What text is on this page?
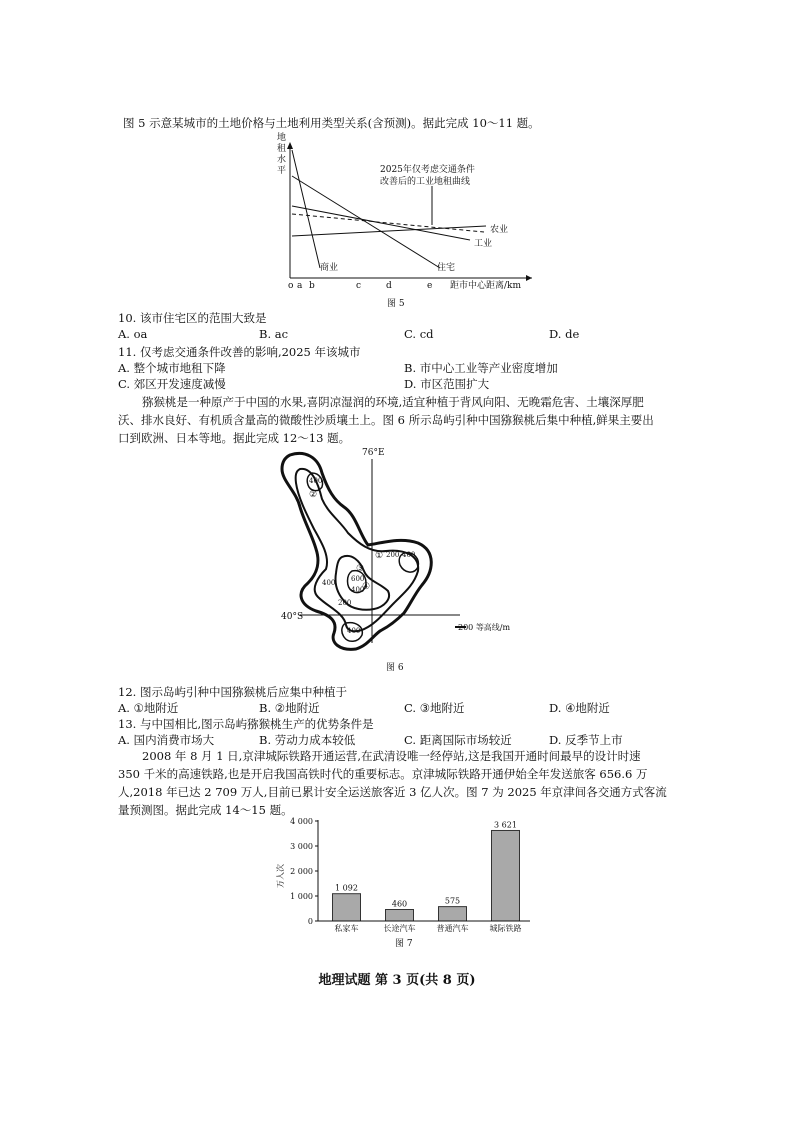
图 5 示意某城市的土地价格与土地利用类型关系(含预测)。据此完成 10～11 题。
地
租
水
平	2025年仅考虑交通条件
改善后的工业地租曲线
农业
工业
商业	住宅
o a b	c	d	e 距市中心距离/km
图 5
10. 该市住宅区的范围大致是
A. oa	B. ac	C. cd	D. de
11. 仅考虑交通条件改善的影响,2025 年该城市
A. 整个城市地租下降	B. 市中心工业等产业密度增加
C. 郊区开发速度减慢	D. 市区范围扩大
猕猴桃是一种原产于中国的水果,喜阴凉湿润的环境,适宜种植于背风向阳、无晚霜危害、土壤深厚肥
沃、排水良好、有机质含量高的微酸性沙质壤土上。图 6 所示岛屿引种中国猕猴桃后集中种植,鲜果主要出
口到欧洲、日本等地。据此完成 12～13 题。
76°E
40°S
400
200 400
400 600
400
200
400
①
②
③
④
200 等高线/m
图 6
12. 图示岛屿引种中国猕猴桃后应集中种植于
A. ①地附近	B. ②地附近	C. ③地附近	D. ④地附近
13. 与中国相比,图示岛屿猕猴桃生产的优势条件是
A. 国内消费市场大	B. 劳动力成本较低	C. 距离国际市场较近	D. 反季节上市
2008 年 8 月 1 日,京津城际铁路开通运营,在武清设唯一经停站,这是我国开通时间最早的设计时速
350 千米的高速铁路,也是开启我国高铁时代的重要标志。京津城际铁路开通伊始全年发送旅客 656.6 万
人,2018 年已达 2 709 万人,目前已累计安全运送旅客近 3 亿人次。图 7 为 2025 年京津间各交通方式客流
量预测图。据此完成 14～15 题。
0
1 000
2 000
3 000
4 000
1 092
私家车
460
长途汽车
575
普通汽车
3 621
城际铁路
万人次
图 7
地理试题 第 3 页(共 8 页)
